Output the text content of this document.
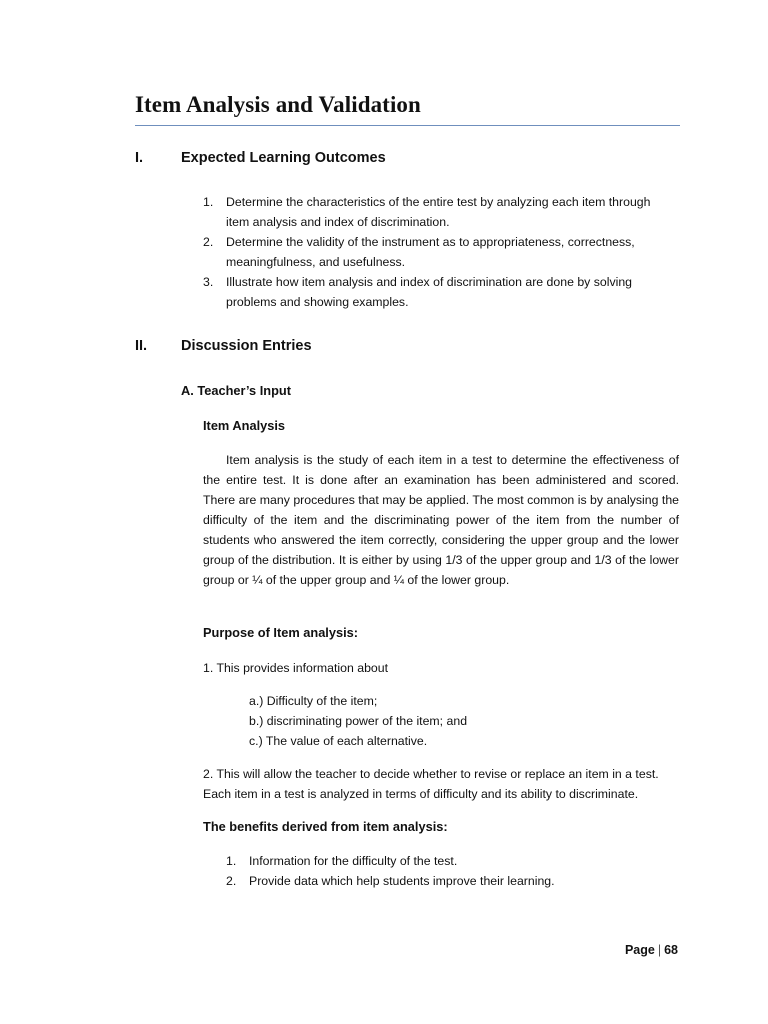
Item Analysis and Validation
I.	Expected Learning Outcomes
1.	Determine the characteristics of the entire test by analyzing each item through
item analysis and index of discrimination.
2.	Determine the validity of the instrument as to appropriateness, correctness,
meaningfulness, and usefulness.
3.	Illustrate how item analysis and index of discrimination are done by solving
problems and showing examples.
II. Discussion Entries
A. Teacher’s Input
Item Analysis
Item analysis is the study of each item in a test to determine the effectiveness of the entire test. It is done after an examination has been administered and scored. There are many procedures that may be applied. The most common is by analysing the difficulty of the item and the discriminating power of the item from the number of students who answered the item correctly, considering the upper group and the lower group of the distribution. It is either by using 1/3 of the upper group and 1/3 of the lower group or ¼ of the upper group and ¼ of the lower group.
Purpose of Item analysis:
1. This provides information about
a.) Difficulty of the item;
b.) discriminating power of the item; and
c.) The value of each alternative.
2. This will allow the teacher to decide whether to revise or replace an item in a test.
Each item in a test is analyzed in terms of difficulty and its ability to discriminate.
The benefits derived from item analysis:
1. Information for the difficulty of the test.
2. Provide data which help students improve their learning.
Page | 68
